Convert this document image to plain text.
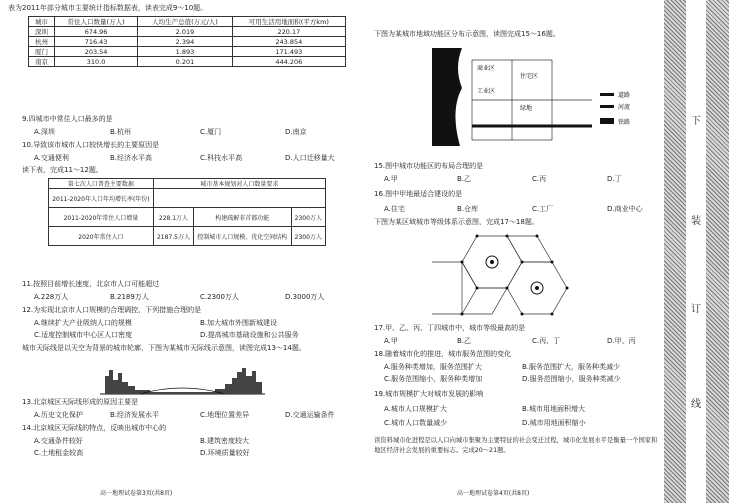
表为2011年部分城市主要统计指标数据表，读表完成9～10题。
城市	常住人口数量(万人)	人均生产总值(万元/人)	可用生活用地面积(平方km)
深圳	674.96	2.019	220.17
杭州	716.43	2.394	243.854
厦门	203.54	1.893	171.493
南京	310.0	0.201	444.206
9.四城市中常住人口最多的是
A.深圳	B.杭州	C.厦门	D.南京
10.导致该市城市人口较快增长的主要原因是
A.交通便利	B.经济水平高	C.科技水平高	D.人口迁移量大
读下表，完成11～12题。
第七次人口普查主要数据	城市基本规划对人口数量要求		
2011-2020年人口年均增长率(年份)			
2011-2020年常住人口增量	228.1万人	构建疏解非首都功能	2300万人
2020年常住人口	2187.5万人	控制城市人口规模，优化空间结构	2300万人
11.按照目前增长速度，北京市人口可能超过
A.228万人	B.2189万人	C.2300万人	D.3000万人
12.为实现北京市人口规模的合理调控，下列措施合理的是
A.继续扩大产业吸纳人口的规模	B.加大城市外围新城建设
C.适度控制城市中心区人口密度	D.提高城市基础设施和公共服务
城市天际线是以天空为背景的城市轮廓，下图为某城市天际线示意图，读图完成13～14题。
13.北京城区天际线形成的原因主要是
A.历史文化保护	B.经济发展水平	C.地理位置差异	D.交通运输条件
14.北京城区天际线的特点，反映出城市中心的
A.交通条件较好	B.建筑密度较大
C.土地租金较高	D.环境质量较好
高一地理试卷第3页(共8页)
下图为某城市地域功能区分布示意图，读图完成15～16题。
商业区
住宅区
工业区
绿地
道路
河流
铁路
15.图中城市功能区的布局合理的是
A.甲	B.乙	C.丙	D.丁
16.图中甲地最适合建设的是
A.住宅	B.仓库	C.工厂	D.商业中心
下图为某区域城市等级体系示意图，完成17～18题。
17.甲、乙、丙、丁四城市中，城市等级最高的是
A.甲	B.乙	C.丙、丁	D.甲、丙
18.随着城市化的推进，城市服务范围的变化
A.服务种类增加，服务范围扩大	B.服务范围扩大，服务种类减少
C.服务范围缩小，服务种类增加	D.服务范围缩小，服务种类减少
19.城市规模扩大对城市发展的影响
A.城市人口规模扩大	B.城市用地面积增大
C.城市人口数量减少	D.城市用地面积缩小
读资料城市化进程是以人口向城市集聚为主要特征的社会变迁过程，城市化发展水平是衡量一个国家和地区经济社会发展的重要标志。完成20～21题。
高一地理试卷第4页(共8页)
下
装
订
线
